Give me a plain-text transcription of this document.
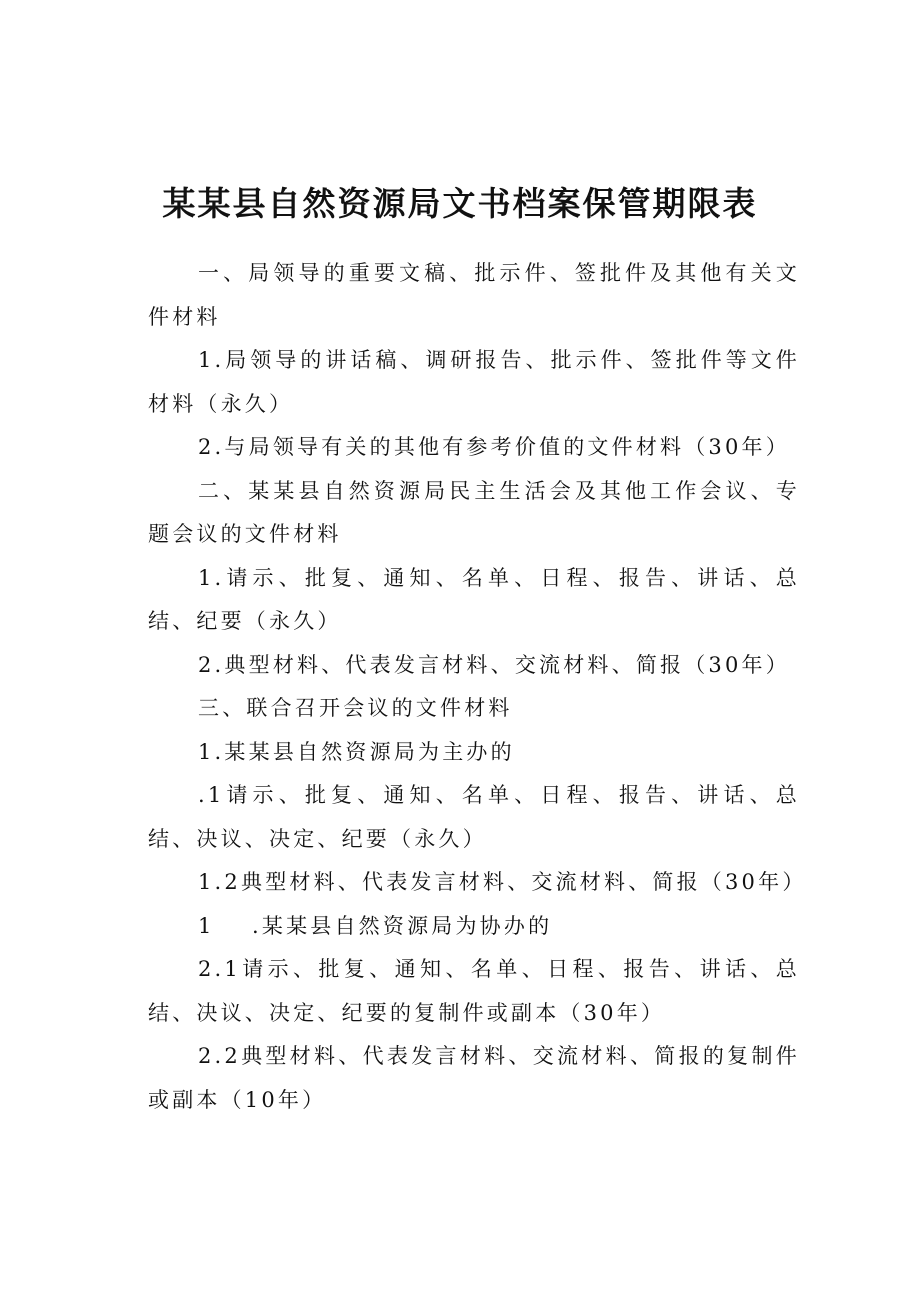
某某县自然资源局文书档案保管期限表

一、局领导的重要文稿、批示件、签批件及其他有关文件材料

1.局领导的讲话稿、调研报告、批示件、签批件等文件材料（永久）

2.与局领导有关的其他有参考价值的文件材料（30年）

二、某某县自然资源局民主生活会及其他工作会议、专题会议的文件材料

1.请示、批复、通知、名单、日程、报告、讲话、总结、纪要（永久）

2.典型材料、代表发言材料、交流材料、简报（30年）

三、联合召开会议的文件材料

1.某某县自然资源局为主办的

.1请示、批复、通知、名单、日程、报告、讲话、总结、决议、决定、纪要（永久）

1.2典型材料、代表发言材料、交流材料、简报（30年）

1 .某某县自然资源局为协办的

2.1请示、批复、通知、名单、日程、报告、讲话、总结、决议、决定、纪要的复制件或副本（30年）

2.2典型材料、代表发言材料、交流材料、简报的复制件或副本（10年）
